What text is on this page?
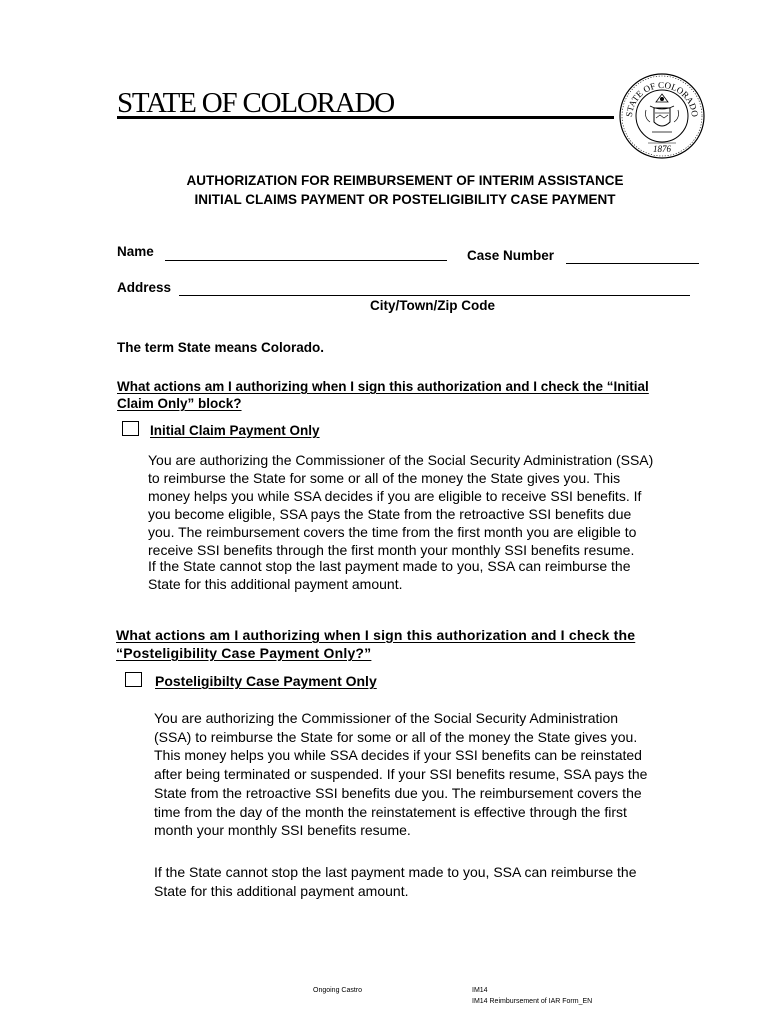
STATE OF COLORADO	STATE OF COLORADO
1876
AUTHORIZATION FOR REIMBURSEMENT OF INTERIM ASSISTANCE
INITIAL CLAIMS PAYMENT OR POSTELIGIBILITY CASE PAYMENT
Name	Case Number
Address
City/Town/Zip Code
The term State means Colorado.
What actions am I authorizing when I sign this authorization and I check the “Initial
Claim Only” block?
Initial Claim Payment Only
You are authorizing the Commissioner of the Social Security Administration (SSA)
to reimburse the State for some or all of the money the State gives you. This
money helps you while SSA decides if you are eligible to receive SSI benefits. If
you become eligible, SSA pays the State from the retroactive SSI benefits due
you. The reimbursement covers the time from the first month you are eligible to
receive SSI benefits through the first month your monthly SSI benefits resume.
If the State cannot stop the last payment made to you, SSA can reimburse the
State for this additional payment amount.
What actions am I authorizing when I sign this authorization and I check the
“Posteligibility Case Payment Only?”
Posteligibilty Case Payment Only
You are authorizing the Commissioner of the Social Security Administration
(SSA) to reimburse the State for some or all of the money the State gives you.
This money helps you while SSA decides if your SSI benefits can be reinstated
after being terminated or suspended. If your SSI benefits resume, SSA pays the
State from the retroactive SSI benefits due you. The reimbursement covers the
time from the day of the month the reinstatement is effective through the first
month your monthly SSI benefits resume.
If the State cannot stop the last payment made to you, SSA can reimburse the
State for this additional payment amount.
Ongoing Castro	IM14
IM14 Reimbursement of IAR Form_EN
